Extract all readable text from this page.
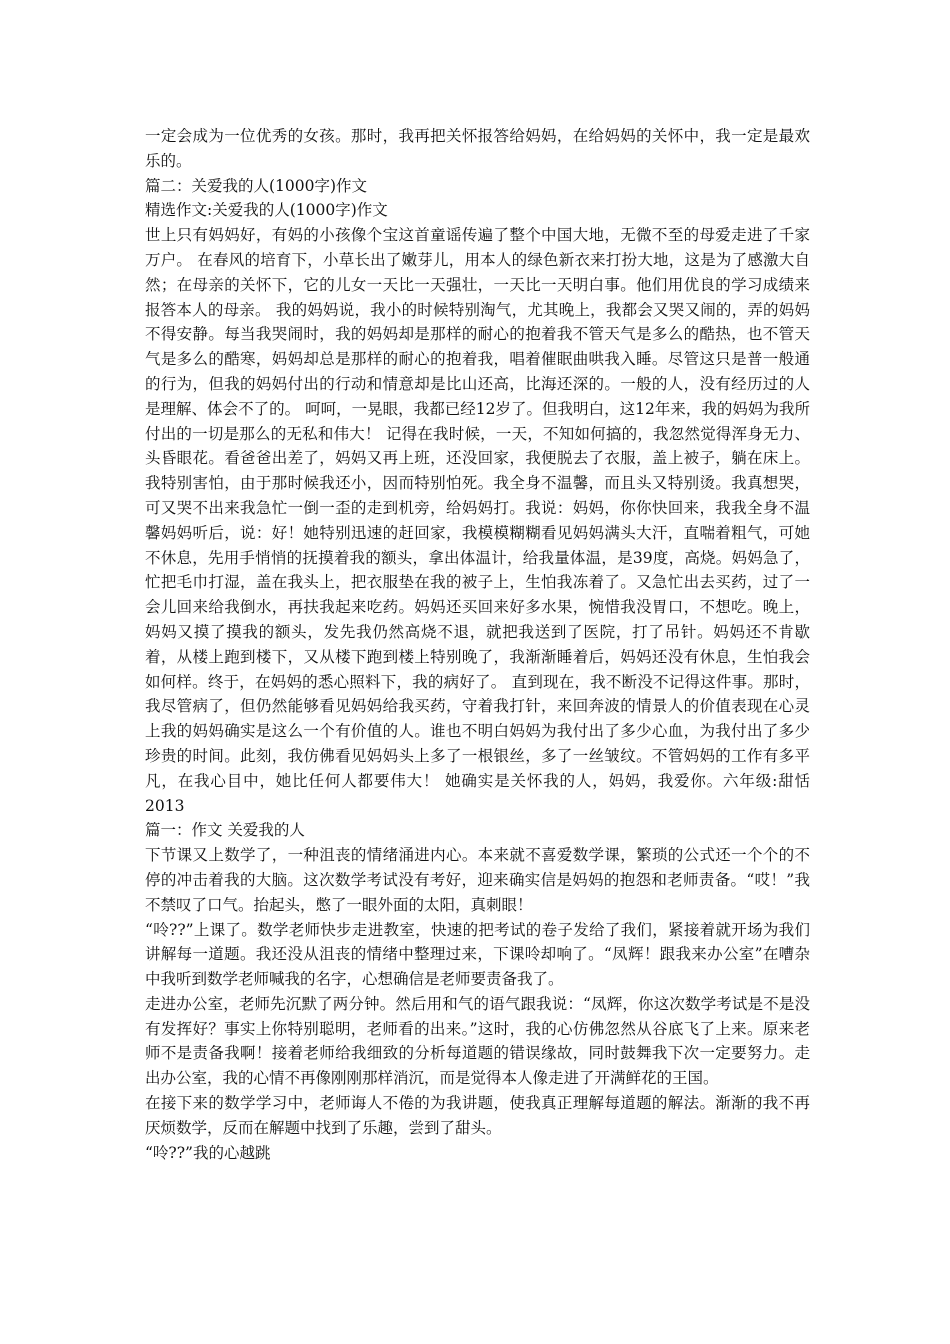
一定会成为一位优秀的女孩。那时，我再把关怀报答给妈妈，在给妈妈的关怀中，我一定是最欢乐的。

篇二：关爱我的人(1000字)作文

精选作文:关爱我的人(1000字)作文

世上只有妈妈好，有妈的小孩像个宝这首童谣传遍了整个中国大地，无微不至的母爱走进了千家万户。 在春风的培育下，小草长出了嫩芽儿，用本人的绿色新衣来打扮大地，这是为了感激大自然；在母亲的关怀下，它的儿女一天比一天强壮，一天比一天明白事。他们用优良的学习成绩来报答本人的母亲。 我的妈妈说，我小的时候特别淘气，尤其晚上，我都会又哭又闹的，弄的妈妈不得安静。每当我哭闹时，我的妈妈却是那样的耐心的抱着我不管天气是多么的酷热，也不管天气是多么的酷寒，妈妈却总是那样的耐心的抱着我，唱着催眠曲哄我入睡。尽管这只是普一般通的行为，但我的妈妈付出的行动和情意却是比山还高，比海还深的。一般的人，没有经历过的人是理解、体会不了的。 呵呵，一晃眼，我都已经12岁了。但我明白，这12年来，我的妈妈为我所付出的一切是那么的无私和伟大！ 记得在我时候，一天，不知如何搞的，我忽然觉得浑身无力、头昏眼花。看爸爸出差了，妈妈又再上班，还没回家，我便脱去了衣服，盖上被子，躺在床上。我特别害怕，由于那时候我还小，因而特别怕死。我全身不温馨，而且头又特别烫。我真想哭，可又哭不出来我急忙一倒一歪的走到机旁，给妈妈打。我说：妈妈，你你快回来，我我全身不温馨妈妈听后，说：好！她特别迅速的赶回家，我模模糊糊看见妈妈满头大汗，直喘着粗气，可她不休息，先用手悄悄的抚摸着我的额头，拿出体温计，给我量体温，是39度，高烧。妈妈急了，忙把毛巾打湿，盖在我头上，把衣服垫在我的被子上，生怕我冻着了。又急忙出去买药，过了一会儿回来给我倒水，再扶我起来吃药。妈妈还买回来好多水果，惋惜我没胃口，不想吃。晚上，妈妈又摸了摸我的额头，发先我仍然高烧不退，就把我送到了医院，打了吊针。妈妈还不肯歇着，从楼上跑到楼下，又从楼下跑到楼上特别晚了，我渐渐睡着后，妈妈还没有休息，生怕我会如何样。终于，在妈妈的悉心照料下，我的病好了。 直到现在，我不断没不记得这件事。那时，我尽管病了，但仍然能够看见妈妈给我买药，守着我打针，来回奔波的情景人的价值表现在心灵上我的妈妈确实是这么一个有价值的人。谁也不明白妈妈为我付出了多少心血，为我付出了多少珍贵的时间。此刻，我仿佛看见妈妈头上多了一根银丝，多了一丝皱纹。不管妈妈的工作有多平凡，在我心目中，她比任何人都要伟大！ 她确实是关怀我的人，妈妈，我爱你。六年级:甜恬2013

篇一：作文 关爱我的人

下节课又上数学了，一种沮丧的情绪涌进内心。本来就不喜爱数学课，繁琐的公式还一个个的不停的冲击着我的大脑。这次数学考试没有考好，迎来确实信是妈妈的抱怨和老师责备。“哎！”我不禁叹了口气。抬起头，憋了一眼外面的太阳，真刺眼！

“呤??”上课了。数学老师快步走进教室，快速的把考试的卷子发给了我们，紧接着就开场为我们讲解每一道题。我还没从沮丧的情绪中整理过来，下课呤却响了。“凤辉！跟我来办公室”在嘈杂中我听到数学老师喊我的名字，心想确信是老师要责备我了。

走进办公室，老师先沉默了两分钟。然后用和气的语气跟我说：“凤辉，你这次数学考试是不是没有发挥好？事实上你特别聪明，老师看的出来。”这时，我的心仿佛忽然从谷底飞了上来。原来老师不是责备我啊！接着老师给我细致的分析每道题的错误缘故，同时鼓舞我下次一定要努力。走出办公室，我的心情不再像刚刚那样消沉，而是觉得本人像走进了开满鲜花的王国。

在接下来的数学学习中，老师诲人不倦的为我讲题，使我真正理解每道题的解法。渐渐的我不再厌烦数学，反而在解题中找到了乐趣，尝到了甜头。

“呤??”我的心越跳
